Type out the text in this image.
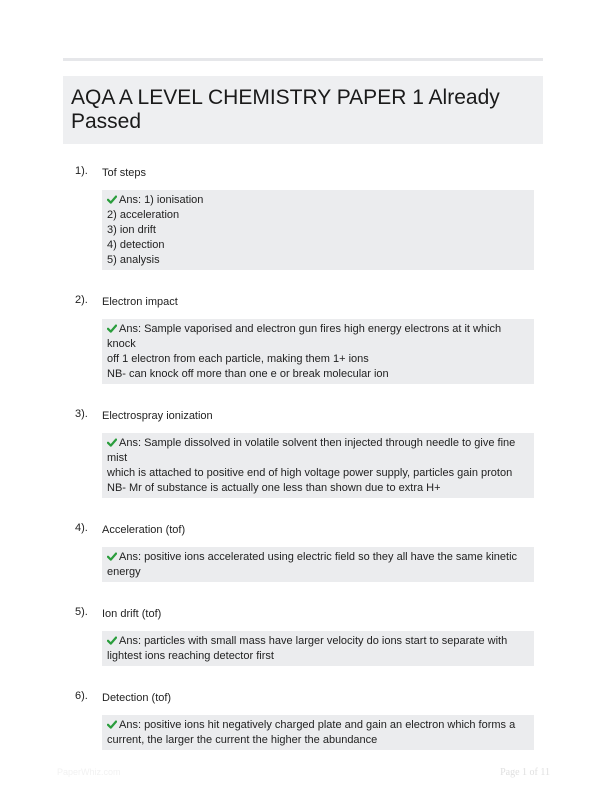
AQA A LEVEL CHEMISTRY PAPER 1 Already Passed
1). Tof steps
Ans: 1) ionisation
2) acceleration
3) ion drift
4) detection
5) analysis
2). Electron impact
Ans: Sample vaporised and electron gun fires high energy electrons at it which knock
off 1 electron from each particle, making them 1+ ions
NB- can knock off more than one e or break molecular ion
3). Electrospray ionization
Ans: Sample dissolved in volatile solvent then injected through needle to give fine mist
which is attached to positive end of high voltage power supply, particles gain proton
NB- Mr of substance is actually one less than shown due to extra H+
4). Acceleration (tof)
Ans: positive ions accelerated using electric field so they all have the same kinetic
energy
5). Ion drift (tof)
Ans: particles with small mass have larger velocity do ions start to separate with
lightest ions reaching detector first
6). Detection (tof)
Ans: positive ions hit negatively charged plate and gain an electron which forms a
current, the larger the current the higher the abundance
PaperWhiz.com	Page 1 of 11
